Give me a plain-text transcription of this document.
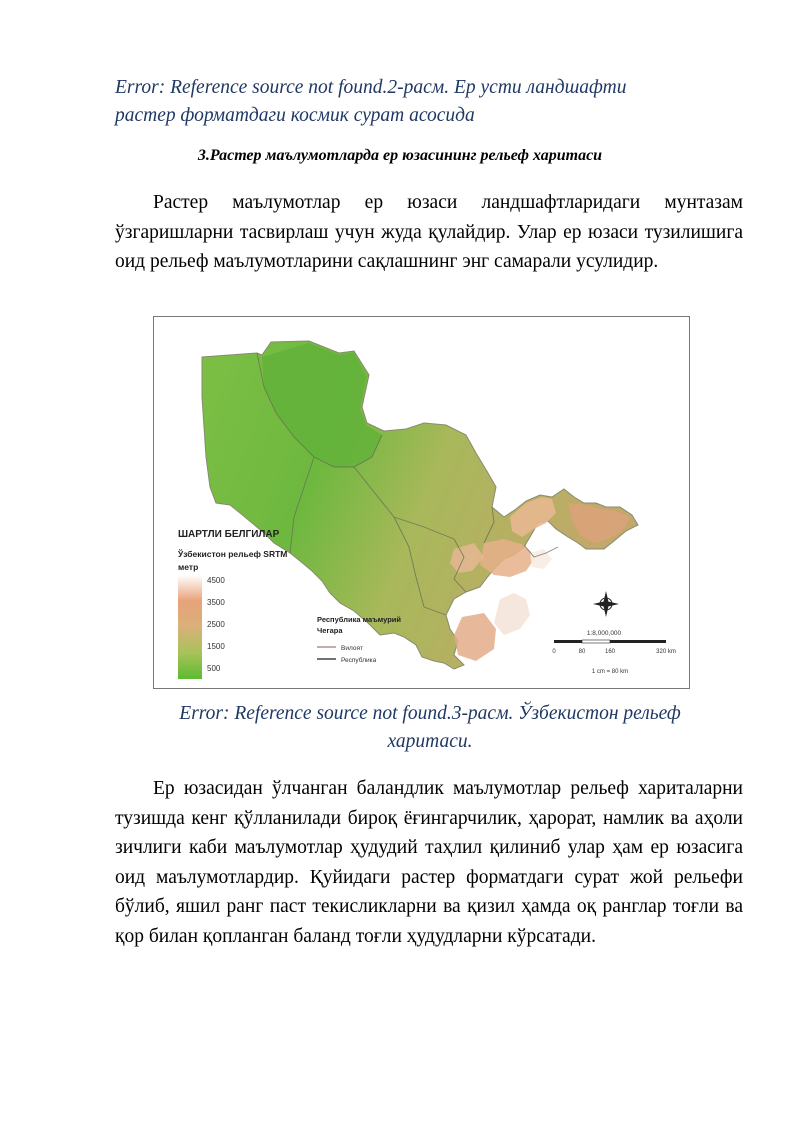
Error: Reference source not found.2-расм. Ер усти ландшафти
растер форматдаги космик сурат асосида
3.Растер маълумотларда ер юзасининг рельеф харитаси

Растер маълумотлар ер юзаси ландшафтларидаги мунтазам ўзгаришларни тасвирлаш учун жуда қулайдир. Улар ер юзаси тузилишига оид рельеф маълумотларини сақлашнинг энг самарали усулидир.

ШАРТЛИ БЕЛГИЛАР
Ўзбекистон рельеф SRTM
метр
4500
3500
2500
1500
500
Республика маъмурий
Чегара
Вилоят
Республика
1:8,000,000
0	80	160	320 km
1 cm = 80 km
Error: Reference source not found.3-расм. Ўзбекистон рельеф
харитаси.

Ер юзасидан ўлчанган баландлик маълумотлар рельеф хариталарни тузишда кенг қўлланилади бироқ ёғингарчилик, ҳарорат, намлик ва аҳоли зичлиги каби маълумотлар ҳудудий таҳлил қилиниб улар ҳам ер юзасига оид маълумотлардир. Қуйидаги растер форматдаги сурат жой рельефи бўлиб, яшил ранг паст текисликларни ва қизил ҳамда оқ ранглар тоғли ва қор билан қопланган баланд тоғли ҳудудларни кўрсатади.
